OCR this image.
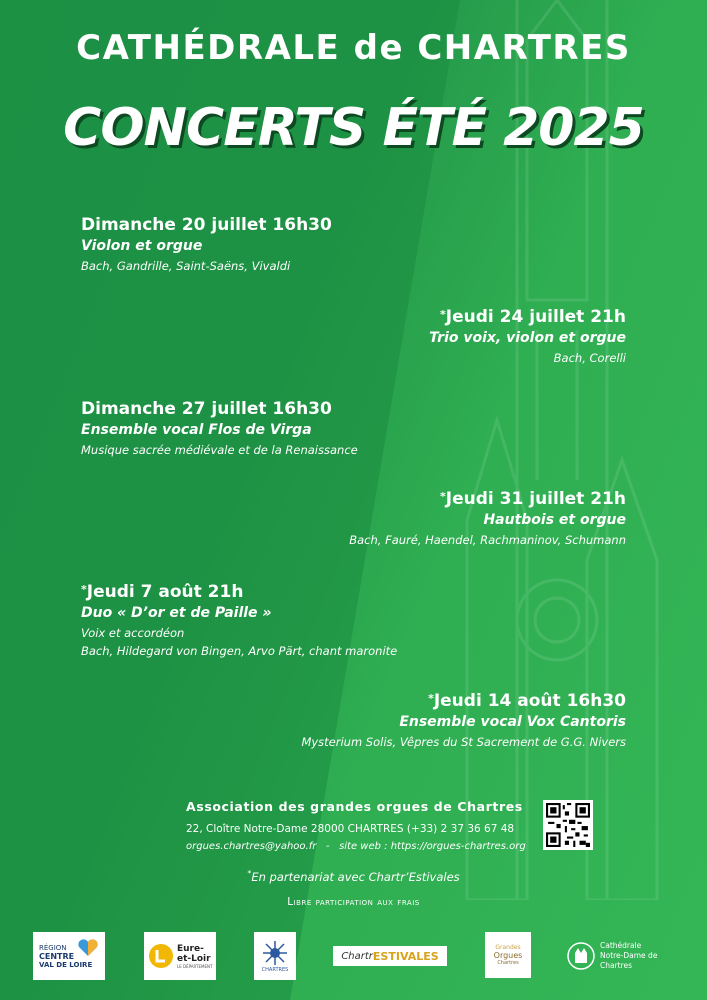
CATHÉDRALE de CHARTRES
CONCERTS ÉTÉ 2025
Dimanche 20 juillet 16h30
Violon et orgue
Bach, Gandrille, Saint-Saëns, Vivaldi
*Jeudi 24 juillet 21h
Trio voix, violon et orgue
Bach, Corelli
Dimanche 27 juillet 16h30
Ensemble vocal Flos de Virga
Musique sacrée médiévale et de la Renaissance
*Jeudi 31 juillet 21h
Hautbois et orgue
Bach, Fauré, Haendel, Rachmaninov, Schumann
*Jeudi 7 août 21h
Duo « D’or et de Paille »
Voix et accordéon
Bach, Hildegard von Bingen, Arvo Pärt, chant maronite
*Jeudi 14 août 16h30
Ensemble vocal Vox Cantoris
Mysterium Solis, Vêpres du St Sacrement de G.G. Nivers
Association des grandes orgues de Chartres
22, Cloître Notre-Dame 28000 CHARTRES (+33) 2 37 36 67 48
orgues.chartres@yahoo.fr - site web : https://orgues-chartres.org
*En partenariat avec Chartr’Estivales
Libre participation aux frais
RÉGION
CENTRE
VAL DE LOIRE
Eure-
et-Loir
LE DÉPARTEMENT
CHARTRES
Chartr ESTIVALES
Grandes
Orgues
Chartres
Cathédrale
Notre-Dame de
Chartres
